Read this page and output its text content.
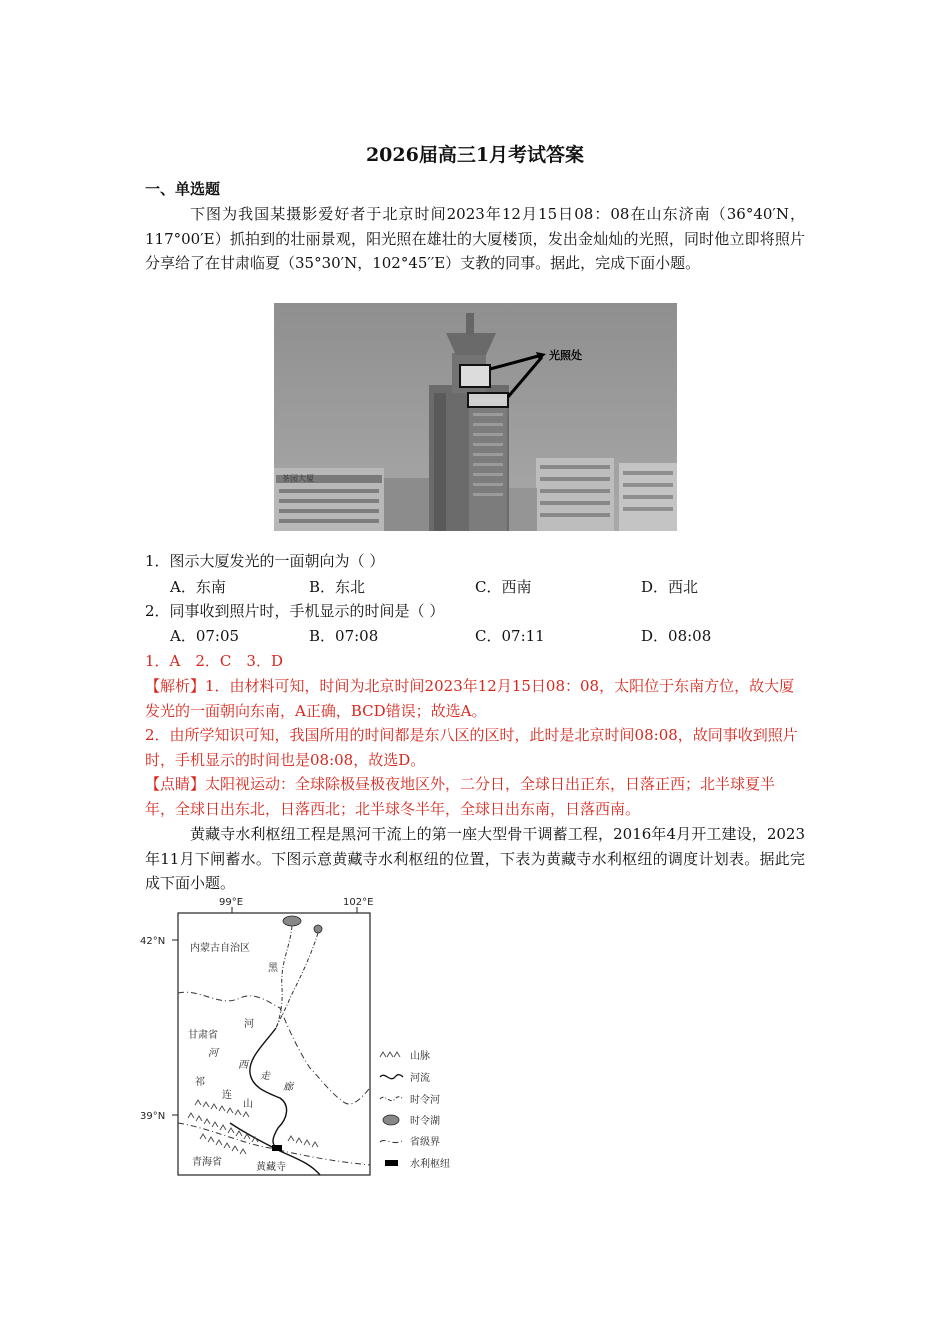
2026届高三1月考试答案
一、单选题
下图为我国某摄影爱好者于北京时间2023年12月15日08：08在山东济南（36°40′N，117°00′E）抓拍到的壮丽景观，阳光照在雄壮的大厦楼顶，发出金灿灿的光照，同时他立即将照片分享给了在甘肃临夏（35°30′N，102°45′′E）支教的同事。据此，完成下面小题。
光照处
茶园大厦
1．图示大厦发光的一面朝向为（ ）
A．东南	B．东北	C．西南	D．西北
2．同事收到照片时，手机显示的时间是（ ）
A．07:05	B．07:08	C．07:11	D．08:08
1．A　2．C　3．D
【解析】1．由材料可知，时间为北京时间2023年12月15日08：08，太阳位于东南方位，故大厦发光的一面朝向东南，A正确，BCD错误；故选A。
2．由所学知识可知，我国所用的时间都是东八区的区时，此时是北京时间08:08，故同事收到照片时，手机显示的时间也是08:08，故选D。
【点睛】太阳视运动：全球除极昼极夜地区外，二分日，全球日出正东，日落正西；北半球夏半年，全球日出东北，日落西北；北半球冬半年，全球日出东南，日落西南。
黄藏寺水利枢纽工程是黑河干流上的第一座大型骨干调蓄工程，2016年4月开工建设，2023年11月下闸蓄水。下图示意黄藏寺水利枢纽的位置，下表为黄藏寺水利枢纽的调度计划表。据此完成下面小题。
99°E	102°E
42°N
39°N
内蒙古自治区
甘肃省
青海省
黑
河
河
西
走
廊
祁
连
山
黄藏寺
山脉
河流
时令河
时令湖
省级界
水利枢纽
